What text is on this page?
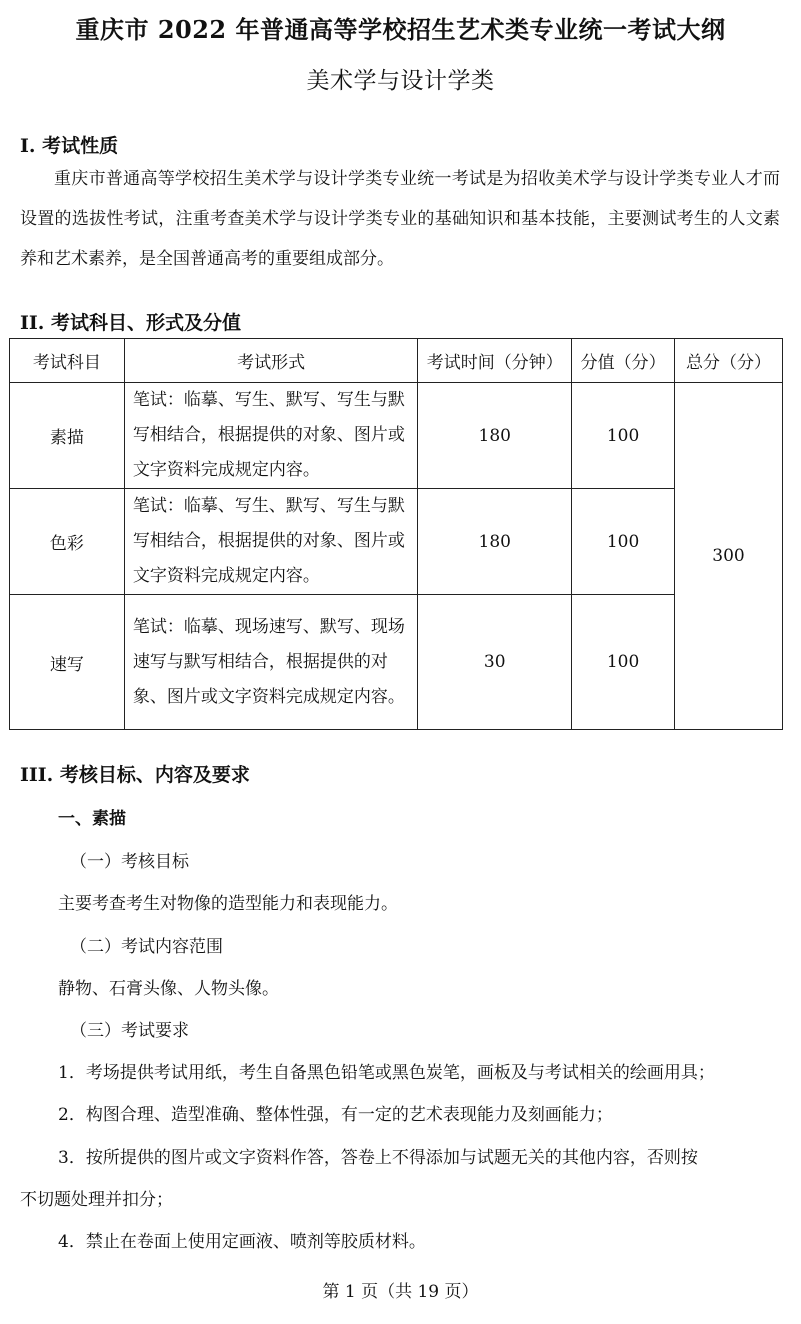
重庆市 2022 年普通高等学校招生艺术类专业统一考试大纲
美术学与设计学类
I. 考试性质
重庆市普通高等学校招生美术学与设计学类专业统一考试是为招收美术学与设计学类专业人才而设置的选拔性考试，注重考查美术学与设计学类专业的基础知识和基本技能，主要测试考生的人文素养和艺术素养，是全国普通高考的重要组成部分。
II. 考试科目、形式及分值
考试科目	考试形式	考试时间（分钟）	分值（分）	总分（分）
素描	笔试：临摹、写生、默写、写生与默写相结合，根据提供的对象、图片或文字资料完成规定内容。	180	100	300
色彩	笔试：临摹、写生、默写、写生与默写相结合，根据提供的对象、图片或文字资料完成规定内容。	180	100	
速写	笔试：临摹、现场速写、默写、现场速写与默写相结合，根据提供的对象、图片或文字资料完成规定内容。	30	100	
III. 考核目标、内容及要求
一、素描
（一）考核目标
主要考查考生对物像的造型能力和表现能力。
（二）考试内容范围
静物、石膏头像、人物头像。
（三）考试要求
1．考场提供考试用纸，考生自备黑色铅笔或黑色炭笔，画板及与考试相关的绘画用具；
2．构图合理、造型准确、整体性强，有一定的艺术表现能力及刻画能力；
3．按所提供的图片或文字资料作答，答卷上不得添加与试题无关的其他内容，否则按
不切题处理并扣分；
4．禁止在卷面上使用定画液、喷剂等胶质材料。
第 1 页（共 19 页）
